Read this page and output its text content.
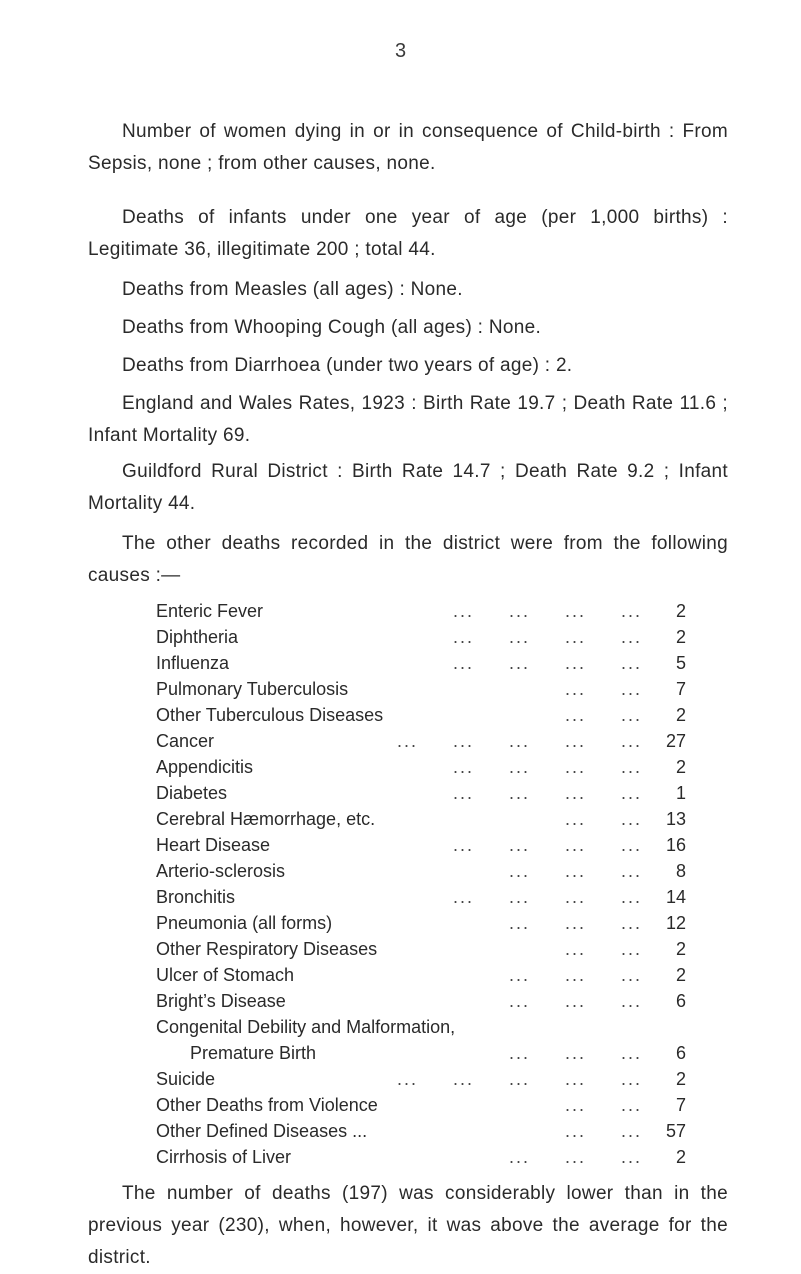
3

Number of women dying in or in consequence of Child-birth : From Sepsis, none ; from other causes, none.

Deaths of infants under one year of age (per 1,000 births) : Legitimate 36, illegitimate 200 ; total 44.

Deaths from Measles (all ages) : None.

Deaths from Whooping Cough (all ages) : None.

Deaths from Diarrhoea (under two years of age) : 2.

England and Wales Rates, 1923 : Birth Rate 19.7 ; Death Rate 11.6 ; Infant Mortality 69.

Guildford Rural District : Birth Rate 14.7 ; Death Rate 9.2 ; Infant Mortality 44.

The other deaths recorded in the district were from the following causes :—

Enteric Fever	...     ...     ...     ...	2
Diphtheria	...     ...     ...     ...	2
Influenza	...     ...     ...     ...	5
Pulmonary Tuberculosis	...     ...	7
Other Tuberculous Diseases	...     ...	2
Cancer	...     ...     ...     ...     ...	27
Appendicitis	...     ...     ...     ...	2
Diabetes	...     ...     ...     ...	1
Cerebral Hæmorrhage, etc.	...     ...	13
Heart Disease	...     ...     ...     ...	16
Arterio-sclerosis	...     ...     ...	8
Bronchitis	...     ...     ...     ...	14
Pneumonia (all forms)	...     ...     ...	12
Other Respiratory Diseases	...     ...	2
Ulcer of Stomach	...     ...     ...	2
Bright’s Disease	...     ...     ...	6
Congenital Debility and Malformation,
Premature Birth	...     ...     ...	6
Suicide	...     ...     ...     ...     ...	2
Other Deaths from Violence	...     ...	7
Other Defined Diseases ...	...     ...	57
Cirrhosis of Liver	...     ...     ...	2

The number of deaths (197) was considerably lower than in the previous year (230), when, however, it was above the average for the district.
